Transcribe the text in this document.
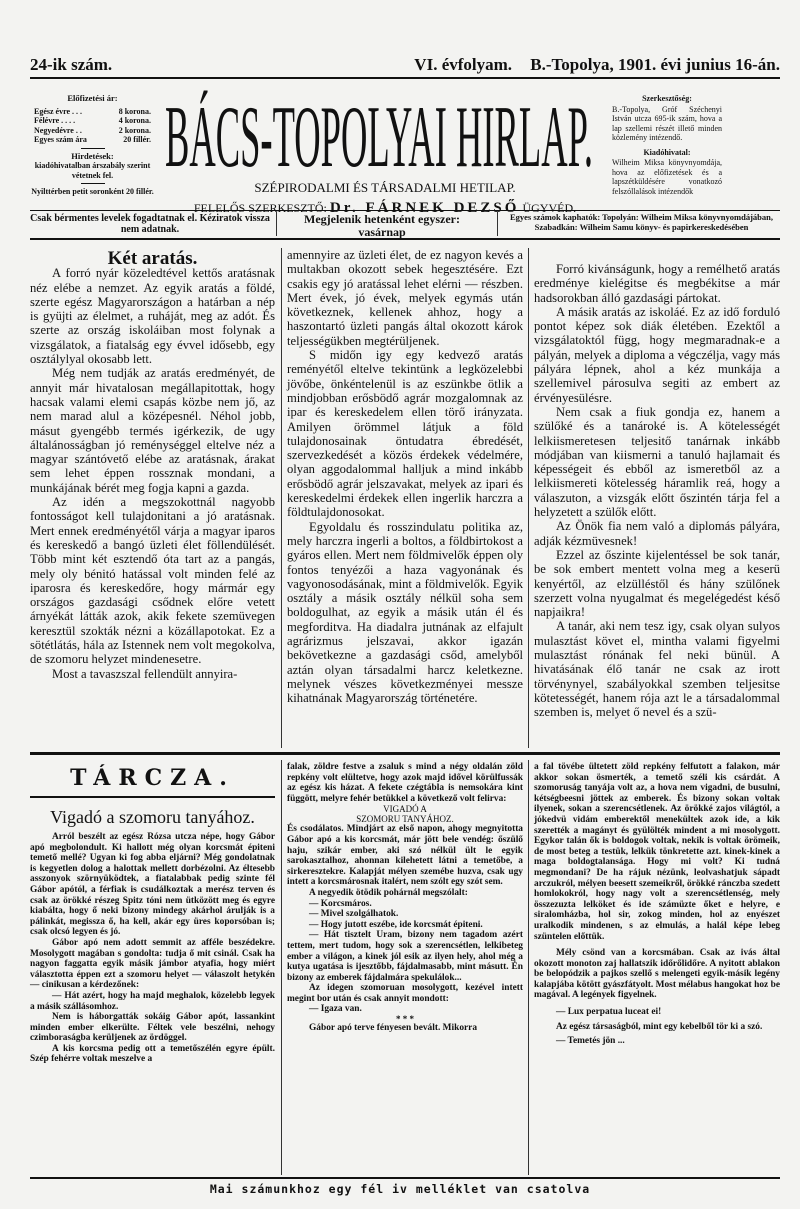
24-ik szám.	VI. évfolyam. B.-Topolya, 1901. évi junius 16-án.
Előfizetési ár:
Egész évre . . .	8 korona.
Félévre . . . .	4 korona.
Negyedévre . .	2 korona.
Egyes szám ára	20 fillér.
Hirdetések:
kiadóhivatalban árszabály szerint vétetnek fel.
Nyilttérben petit soronként 20 fillér.
BÁCS-TOPOLYAI HIRLAP.
SZÉPIRODALMI ÉS TÁRSADALMI HETILAP.
FELELŐS SZERKESZTŐ: Dr. FÁRNEK DEZSŐ ÜGYVÉD.
Szerkesztőség:
B.-Topolya, Gróf Széchenyi István utcza 695-ik szám, hova a lap szellemi részét illető minden közlemény intézendő.
Kiadóhivatal:
Wilheim Miksa könyvnyomdája, hova az előfizetések és a lapszétküldésére vonatkozó felszóllalások intézendők
Csak bérmentes levelek fogadtatnak el. Kéziratok vissza nem adatnak.
Megjelenik hetenként egyszer: vasárnap
Egyes számok kaphatók: Topolyán: Wilheim Miksa könyvnyomdájában, Szabadkán: Wilheim Samu könyv- és papirkereskedésében
Két aratás.

A forró nyár közeledtével kettős aratásnak néz elébe a nemzet. Az egyik aratás a földé, szerte egész Magyarországon a határban a nép is gyüjti az élelmet, a ruháját, meg az adót. És szerte az ország iskoláiban most folynak a vizsgálatok, a fiatalság egy évvel idősebb, egy osztálylyal okosabb lett.

Még nem tudják az aratás eredményét, de annyit már hivatalosan megállapitottak, hogy hacsak valami elemi csapás közbe nem jő, az nem marad alul a középesnél. Néhol jobb, másut gyengébb termés igérkezik, de ugy általánosságban jó reménységgel eltelve néz a magyar szántóvető elébe az aratásnak, árakat sem lehet éppen rossznak mondani, a munkájának bérét meg fogja kapni a gazda.

Az idén a megszokottnál nagyobb fontosságot kell tulajdonitani a jó aratásnak. Mert ennek eredményétől várja a magyar iparos és kereskedő a bangó üzleti élet föllendülését. Több mint két esztendő óta tart az a pangás, mely oly bénitó hatással volt minden felé az iparosra és kereskedőre, hogy mármár egy országos gazdasági csődnek előre vetett árnyékát látták azok, akik fekete szemüvegen keresztül szokták nézni a közállapotokat. Ez a sötétlátás, hála az Istennek nem volt megokolva, de szomoru helyzet mindenesetre.

Most a tavaszszal fellendült annyira-

amennyire az üzleti élet, de ez nagyon kevés a multakban okozott sebek hegesztésére. Ezt csakis egy jó aratással lehet elérni — részben. Mert évek, jó évek, melyek egymás után következnek, kellenek ahhoz, hogy a haszontartó üzleti pangás által okozott károk teljességükben megtérüljenek.

S midőn igy egy kedvező aratás reményétől eltelve tekintünk a legközelebbi jövőbe, önkéntelenül is az eszünkbe ötlik a mindjobban erősbödő agrár mozgalomnak az ipar és kereskedelem ellen törő irányzata. Amilyen örömmel látjuk a föld tulajdonosainak öntudatra ébredését, szervezkedését a közös érdekek védelmére, olyan aggodalommal halljuk a mind inkább erősbödő agrár jelszavakat, melyek az ipari és kereskedelmi érdekek ellen ingerlik harczra a földtulajdonosokat.

Egyoldalu és rosszindulatu politika az, mely harczra ingerli a boltos, a földbirtokost a gyáros ellen. Mert nem földmivelők éppen oly fontos tenyézői a haza vagyonának és vagyonosodásának, mint a földmivelők. Egyik osztály a másik osztály nélkül soha sem boldogulhat, az egyik a másik után él és megforditva. Ha diadalra jutnának az elfajult agrárizmus jelszavai, akkor igazán bekövetkezne a gazdasági csőd, amelyből aztán olyan társadalmi harcz keletkezne. melynek vészes következményei messze kihatnának Magyarország történetére.

Forró kivánságunk, hogy a remélhető aratás eredménye kielégitse és megbékitse a már hadsorokban álló gazdasági pártokat.

A másik aratás az iskoláé. Ez az idő forduló pontot képez sok diák életében. Ezektől a vizsgálatoktól függ, hogy megmaradnak-e a pályán, melyek a diploma a végczélja, vagy más pályára lépnek, ahol a kéz munkája a szellemivel párosulva segiti az embert az érvényesülésre.

Nem csak a fiuk gondja ez, hanem a szülőké és a tanároké is. A kötelességét lelkiismeretesen teljesitő tanárnak inkább módjában van kiismerni a tanuló hajlamait és képességeit és ebből az ismeretből az a lelkiismereti kötelesség háramlik reá, hogy a válaszuton, a vizsgák előtt őszintén tárja fel a helyzetett a szülők előtt.

Az Önök fia nem való a diplomás pályára, adják kézmüvesnek!

Ezzel az őszinte kijelentéssel be sok tanár, be sok embert mentett volna meg a keserü kenyértől, az elzülléstől és hány szülőnek szerzett volna nyugalmat és megelégedést késő napjaikra!

A tanár, aki nem tesz igy, csak olyan sulyos mulasztást követ el, mintha valami figyelmi mulasztást rónának fel neki bünül. A hivatásának élő tanár ne csak az irott törvénynyel, szabályokkal szemben teljesitse kötetességét, hanem rója azt le a társadalommal szemben is, melyet ő nevel és a szü-

TÁRCZA.
Vigadó a szomoru tanyához.

Arról beszélt az egész Rózsa utcza népe, hogy Gábor apó megbolondult. Ki hallott még olyan korcsmát épiteni temető mellé? Ugyan ki fog abba eljárni? Még gondolatnak is kegyetlen dolog a halottak mellett dorbézolni. Az éltesebb asszonyok szörnyüködtek, a fiatalabbak pedig szinte fél Gábor apótól, a férfiak is csudálkoztak a merész terven és csak az örökké részeg Spitz tóni nem ütközött meg és egyre kiabálta, hogy ő neki bizony mindegy akárhol árulják is a pálinkát, megissza ő, ha kell, akár egy üres koporsóban is; csak olcsó legyen és jó.

Gábor apó nem adott semmit az afféle beszédekre. Mosolygott magában s gondolta: tudja ő mit csinál. Csak ha nagyon faggatta egyik másik jámbor atyafia, hogy miért választotta éppen ezt a szomoru helyet — válaszolt hetykén — cinikusan a kérdezőnek:

— Hát azért, hogy ha majd meghalok, közelebb legyek a másik szállásomhoz.

Nem is háborgatták sokáig Gábor apót, lassankint minden ember elkerülte. Féltek vele beszélni, nehogy czimboraságba kerüljenek az ördöggel.

A kis korcsma pedig ott a temetőszélén egyre épült. Szép fehérre voltak meszelve a

falak, zöldre festve a zsaluk s mind a négy oldalán zöld repkény volt elültetve, hogy azok majd idővel körülfussák az egész kis házat. A fekete czégtábla is nemsokára kint függött, melyre fehér betükkel a következő volt felirva:

VIGADÓ A
SZOMORU TANYÁHOZ.

És csodálatos. Mindjárt az első napon, ahogy megnyitotta Gábor apó a kis korcsmát, már jött bele vendég: őszülő haju, szikár ember, aki szó nélkül ült le egyik sarokasztalhoz, ahonnan kilehetett látni a temetőbe, a sirkeresztekre. Kalapját mélyen szemébe huzva, csak ugy intett a korcsmárosnak italért, nem szólt egy szót sem.

A negyedik ötödik pohárnál megszólalt:

— Korcsmáros.

— Mivel szolgálhatok.

— Hogy jutott eszébe, ide korcsmát épiteni.

— Hát tisztelt Uram, bizony nem tagadom azért tettem, mert tudom, hogy sok a szerencsétlen, lelkibeteg ember a világon, a kinek jól esik az ilyen hely, ahol még a kutya ugatása is ijesztőbb, fájdalmasabb, mint másutt. Én bizony az emberek fájdalmára spekulálok...

Az idegen szomoruan mosolygott, kezével intett megint bor után és csak annyit mondott:

— Igaza van.

* * *

Gábor apó terve fényesen bevált. Mikorra

a fal tövébe ültetett zöld repkény felfutott a falakon, már akkor sokan ösmerték, a temető széli kis csárdát. A szomoruság tanyája volt az, a hova nem vigadni, de busulni, kétségbeesni jöttek az emberek. És bizony sokan voltak ilyenek, sokan a szerencsétlenek. Az örökké zajos világtól, a jókedvü vidám emberektől menekültek azok ide, a kik szerették a magányt és gyülölték mindent a mi mosolygott. Egykor talán ők is boldogok voltak, nekik is voltak örömeik, de most beteg a testük, lelkük tönkretette azt. kinek-kinek a maga boldogtalansága. Hogy mi volt? Ki tudná megmondani? De ha rájuk nézünk, leolvashatjuk sápadt arczukról, mélyen beesett szemeikről, örökké ránczba szedett homlokokról, hogy nagy volt a szerencsétlenség, mely összezuzta lelköket és ide számüzte őket e helyre, e siralomházba, hol sir, zokog minden, hol az enyészet uralkodik mindenen, s az elmulás, a halál képe lebeg szüntelen előttük.

Mély csönd van a korcsmában. Csak az ivás által okozott monoton zaj hallatszik időrőlidőre. A nyitott ablakon be belopódzik a pajkos szellő s melengeti egyik-másik legény kalapjába kötött gyászfátyolt. Most mélabus hangokat hoz be magával. A legények figyelnek.

— Lux perpatua luceat ei!

Az egész társaságból, mint egy kebelből tör ki a szó.

— Temetés jön ...

Mai számunkhoz egy fél iv melléklet van csatolva
